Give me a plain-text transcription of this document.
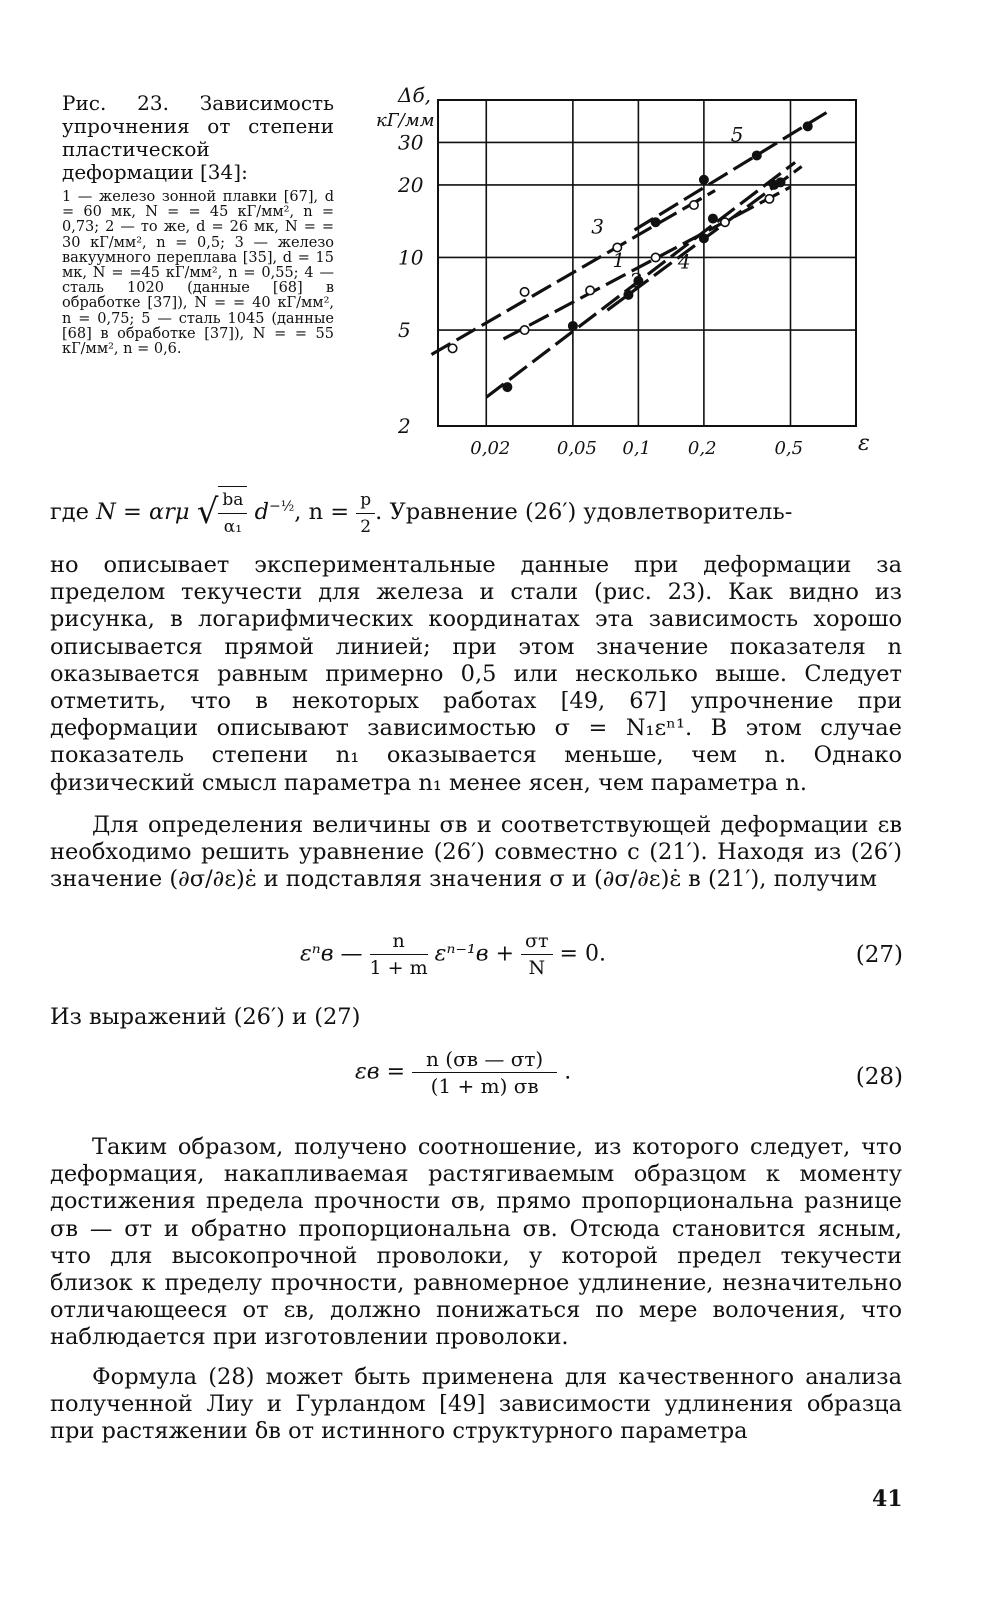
Рис. 23. Зависимость упрочнения от степени пластической деформации [34]:
1 — железо зонной плавки [67], d = 60 мк, N = = 45 кГ/мм², n = 0,73; 2 — то же, d = 26 мк, N = = 30 кГ/мм², n = 0,5; 3 — железо вакуумного переплава [35], d = 15 мк, N = =45 кГ/мм², n = 0,55; 4 — сталь 1020 (данные [68] в обработке [37]), N = = 40 кГ/мм², n = 0,75; 5 — сталь 1045 (данные [68] в обработке [37]), N = = 55 кГ/мм², n = 0,6.
Δб,
кГ/мм
ε
2
5
10
20
30
0,02	0,05 0,1 0,2	0,5
1
2
3
4
5
где N = αrμ √ $\frac{ba}{\text{α₁}} d^{-\frac{1}{2}}$, $n = \frac{p}{2}$ . Уравнение (26′) удовлетворитель-

но описывает экспериментальные данные при деформации за пределом текучести для железа и стали (рис. 23). Как видно из рисунка, в логарифмических координатах эта зависимость хорошо описывается прямой линией; при этом значение показателя n оказывается равным примерно 0,5 или несколько выше. Следует отметить, что в некоторых работах [49, 67] упрочнение при деформации описывают зависимостью σ = N₁εⁿ¹. В этом случае показатель степени n₁ оказывается меньше, чем n. Однако физический смысл параметра n₁ менее ясен, чем параметра n.

Для определения величины σв и соответствующей деформации εв необходимо решить уравнение (26′) совместно с (21′). Находя из (26′) значение (∂σ/∂ε)ε̇ и подставляя значения σ и (∂σ/∂ε)ε̇ в (21′), получим

εⁿв — $\frac{n}{1 + m} \varepsilon^{n-1}в + \frac{\sigma т}{N} = 0$.	(27)

Из выражений (26′) и (27)

$\varepsilon в = \frac{n (\sigma в — \sigma т)}{(1 + m) \sigma в}$ .	(28)

Таким образом, получено соотношение, из которого следует, что деформация, накапливаемая растягиваемым образцом к моменту достижения предела прочности σв, прямо пропорциональна разнице σв — σт и обратно пропорциональна σв. Отсюда становится ясным, что для высокопрочной проволоки, у которой предел текучести близок к пределу прочности, равномерное удлинение, незначительно отличающееся от εв, должно понижаться по мере волочения, что наблюдается при изготовлении проволоки.

Формула (28) может быть применена для качественного анализа полученной Лиу и Гурландом [49] зависимости удлинения образца при растяжении δв от истинного структурного параметра

41
